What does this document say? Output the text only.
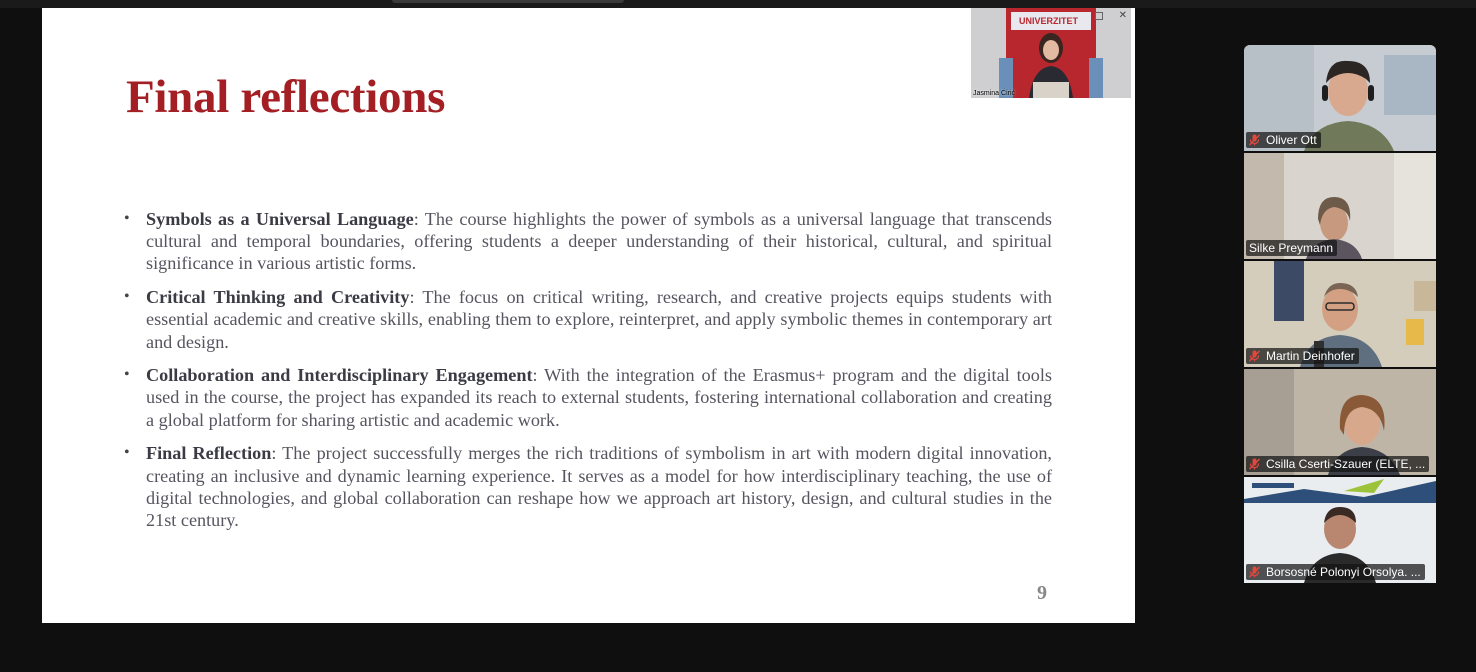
Final reflections
• Symbols as a Universal Language: The course highlights the power of symbols as a universal language that transcends cultural and temporal boundaries, offering students a deeper understanding of their historical, cultural, and spiritual significance in various artistic forms.
• Critical Thinking and Creativity: The focus on critical writing, research, and creative projects equips students with essential academic and creative skills, enabling them to explore, reinterpret, and apply symbolic themes in contemporary art and design.
• Collaboration and Interdisciplinary Engagement: With the integration of the Erasmus+ program and the digital tools used in the course, the project has expanded its reach to external students, fostering international collaboration and creating a global platform for sharing artistic and academic work.
• Final Reflection: The project successfully merges the rich traditions of symbolism in art with modern digital innovation, creating an inclusive and dynamic learning experience. It serves as a model for how interdisciplinary teaching, the use of digital technologies, and global collaboration can reshape how we approach art history, design, and cultural studies in the 21st century.
9
UNIVERZITET	✕
Jasmina Ćirić
Oliver Ott
Silke Preymann
Martin Deinhofer
Csilla Cserti-Szauer (ELTE, ...
Borsosné Polonyi Orsolya. ...
